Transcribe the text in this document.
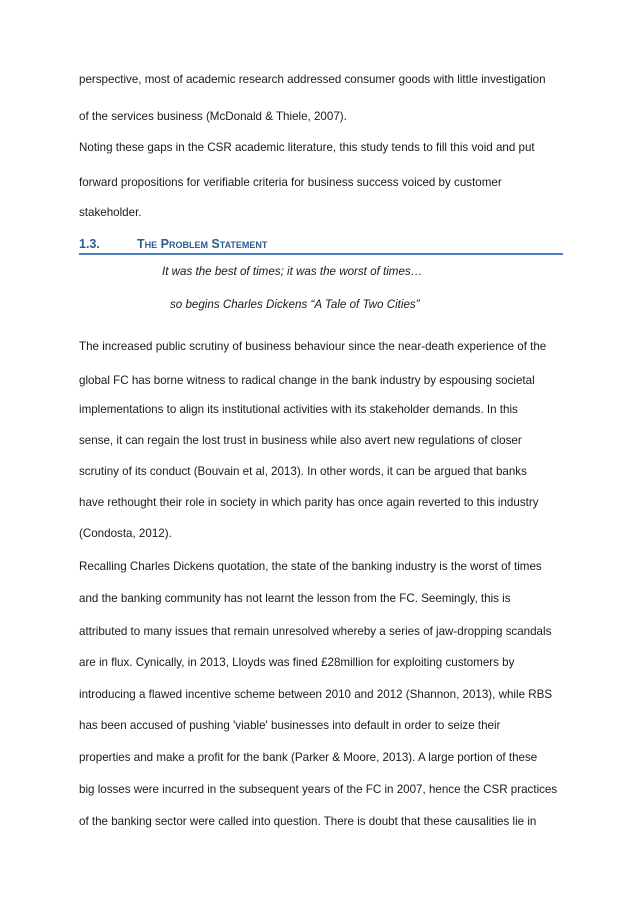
perspective, most of academic research addressed consumer goods with little investigation

of the services business (McDonald & Thiele, 2007).

Noting these gaps in the CSR academic literature, this study tends to fill this void and put

forward propositions for verifiable criteria for business success voiced by customer

stakeholder.

1.3.	The Problem Statement

It was the best of times; it was the worst of times…

so begins Charles Dickens “A Tale of Two Cities”

The increased public scrutiny of business behaviour since the near-death experience of the

global FC has borne witness to radical change in the bank industry by espousing societal

implementations to align its institutional activities with its stakeholder demands. In this

sense, it can regain the lost trust in business while also avert new regulations of closer

scrutiny of its conduct (Bouvain et al, 2013). In other words, it can be argued that banks

have rethought their role in society in which parity has once again reverted to this industry

(Condosta, 2012).

Recalling Charles Dickens quotation, the state of the banking industry is the worst of times

and the banking community has not learnt the lesson from the FC. Seemingly, this is

attributed to many issues that remain unresolved whereby a series of jaw-dropping scandals

are in flux. Cynically, in 2013, Lloyds was fined £28million for exploiting customers by

introducing a flawed incentive scheme between 2010 and 2012 (Shannon, 2013), while RBS

has been accused of pushing 'viable' businesses into default in order to seize their

properties and make a profit for the bank (Parker & Moore, 2013). A large portion of these

big losses were incurred in the subsequent years of the FC in 2007, hence the CSR practices

of the banking sector were called into question. There is doubt that these causalities lie in
